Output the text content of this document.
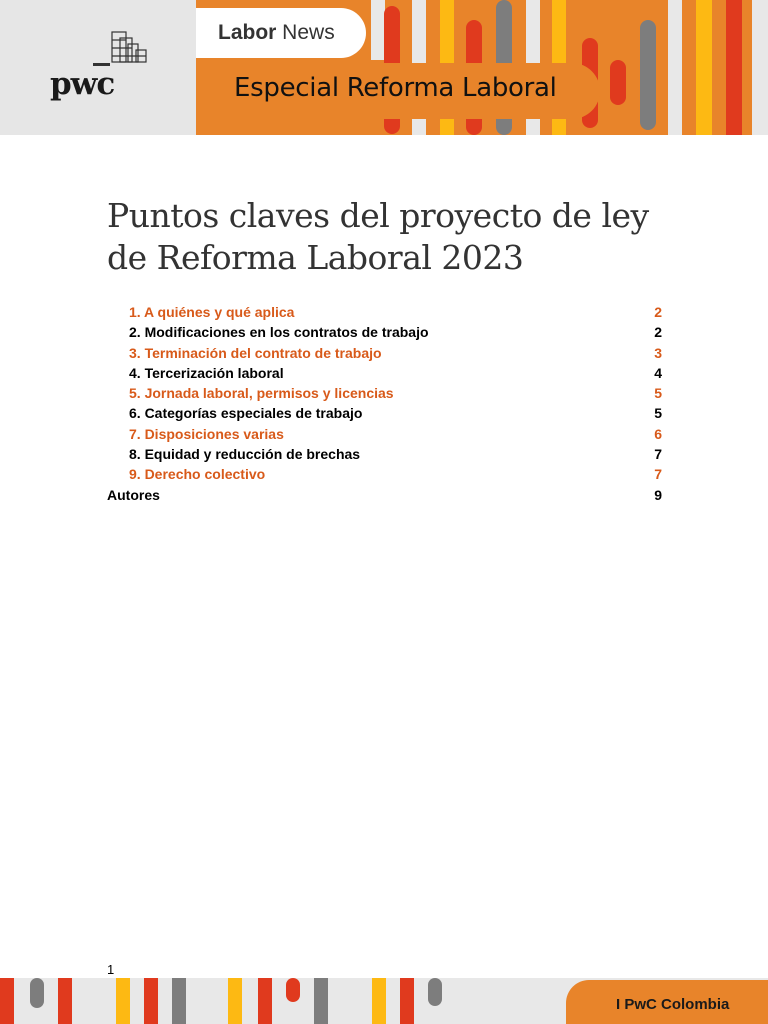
pwc
Labor News
Especial Reforma Laboral
Puntos claves del proyecto de ley de Reforma Laboral 2023
1. A quiénes y qué aplica	2
2. Modificaciones en los contratos de trabajo	2
3. Terminación del contrato de trabajo	3
4. Tercerización laboral	4
5. Jornada laboral, permisos y licencias	5
6. Categorías especiales de trabajo	5
7. Disposiciones varias	6
8. Equidad y reducción de brechas	7
9. Derecho colectivo	7
Autores	9
1
I PwC Colombia
